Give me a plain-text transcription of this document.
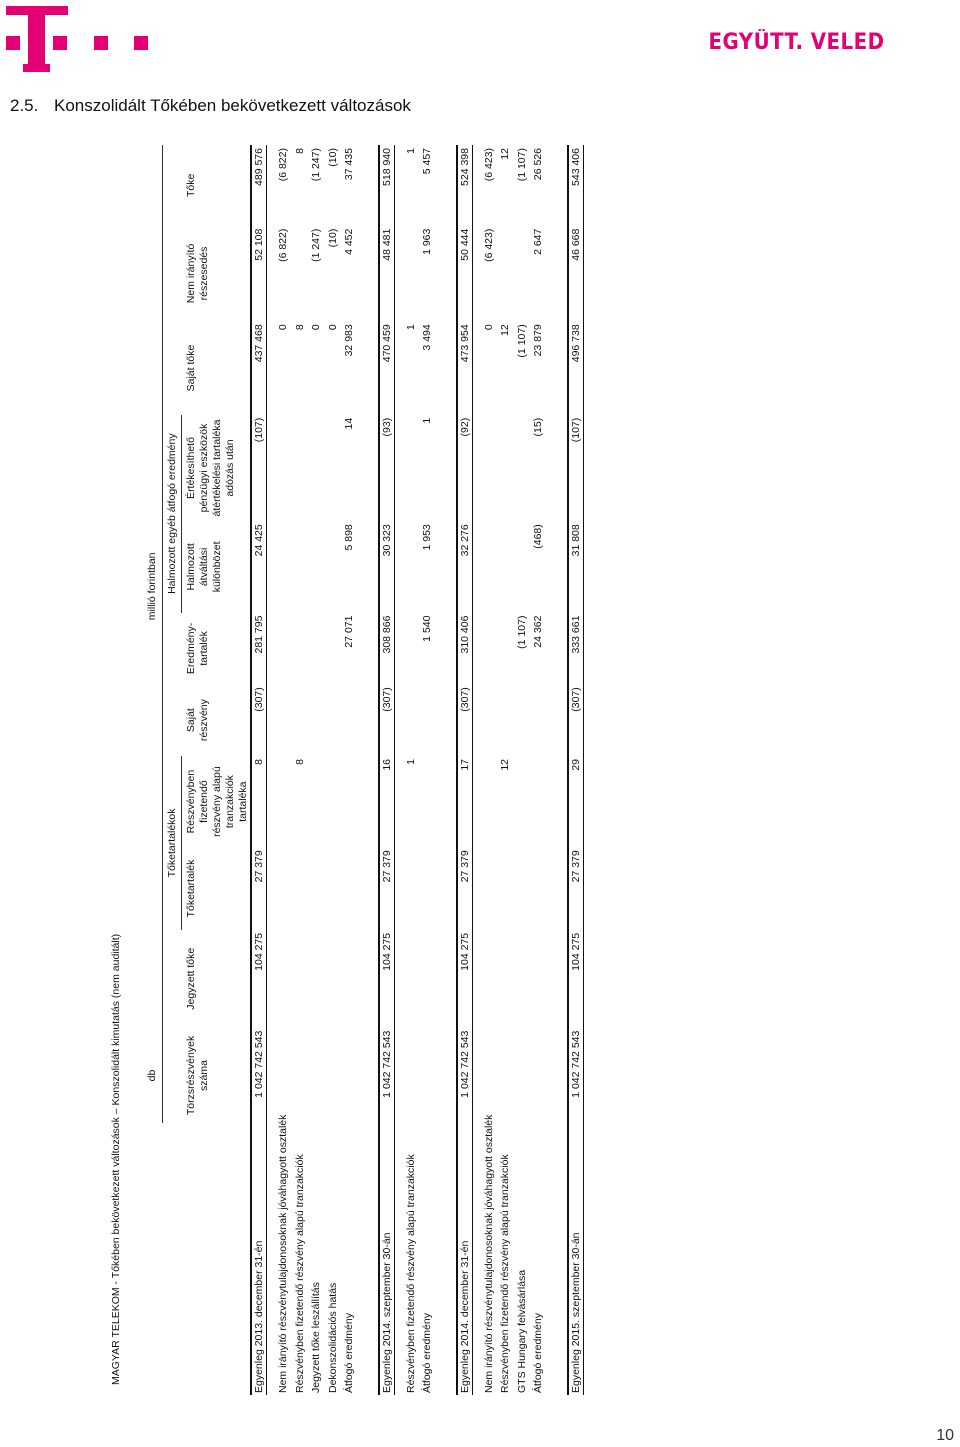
EGYÜTT. VELED
2.5. Konszolidált Tőkében bekövetkezett változások
MAGYAR TELEKOM - Tőkében bekövetkezett változások – Konszolidált kimutatás (nem auditált)
	db	millió forintban									
			Tőketartalékok				Halmozott egyéb átfogó eredmény				
	Törzsrészvények száma	Jegyzett tőke	Tőketartalék	Részvényben fizetendő részvény alapú tranzakciók tartaléka	Saját részvény	Eredmény-tartalék	Halmozott átváltási különbözet	Értékesíthető pénzügyi eszközök átértékelési tartaléka adózás után	Saját tőke	Nem irányító részesedés	Tőke
Egyenleg 2013. december 31-én	1 042 742 543	104 275	27 379	8	(307)	281 795	24 425	(107)	437 468	52 108	489 576

Nem irányító részvénytulajdonosoknak jóváhagyott osztalék									0	(6 822)	(6 822)
Részvényben fizetendő részvény alapú tranzakciók				8					8		8
Jegyzett tőke leszállítás									0	(1 247)	(1 247)
Dekonszolidációs hatás									0	(10)	(10)
Átfogó eredmény						27 071	5 898	14	32 983	4 452	37 435

Egyenleg 2014. szeptember 30-án	1 042 742 543	104 275	27 379	16	(307)	308 866	30 323	(93)	470 459	48 481	518 940

Részvényben fizetendő részvény alapú tranzakciók				1					1		1
Átfogó eredmény						1 540	1 953	1	3 494	1 963	5 457

Egyenleg 2014. december 31-én	1 042 742 543	104 275	27 379	17	(307)	310 406	32 276	(92)	473 954	50 444	524 398

Nem irányító részvénytulajdonosoknak jóváhagyott osztalék									0	(6 423)	(6 423)
Részvényben fizetendő részvény alapú tranzakciók				12					12		12
GTS Hungary felvásárlása						(1 107)			(1 107)		(1 107)
Átfogó eredmény						24 362	(468)	(15)	23 879	2 647	26 526

Egyenleg 2015. szeptember 30-án	1 042 742 543	104 275	27 379	29	(307)	333 661	31 808	(107)	496 738	46 668	543 406
10
